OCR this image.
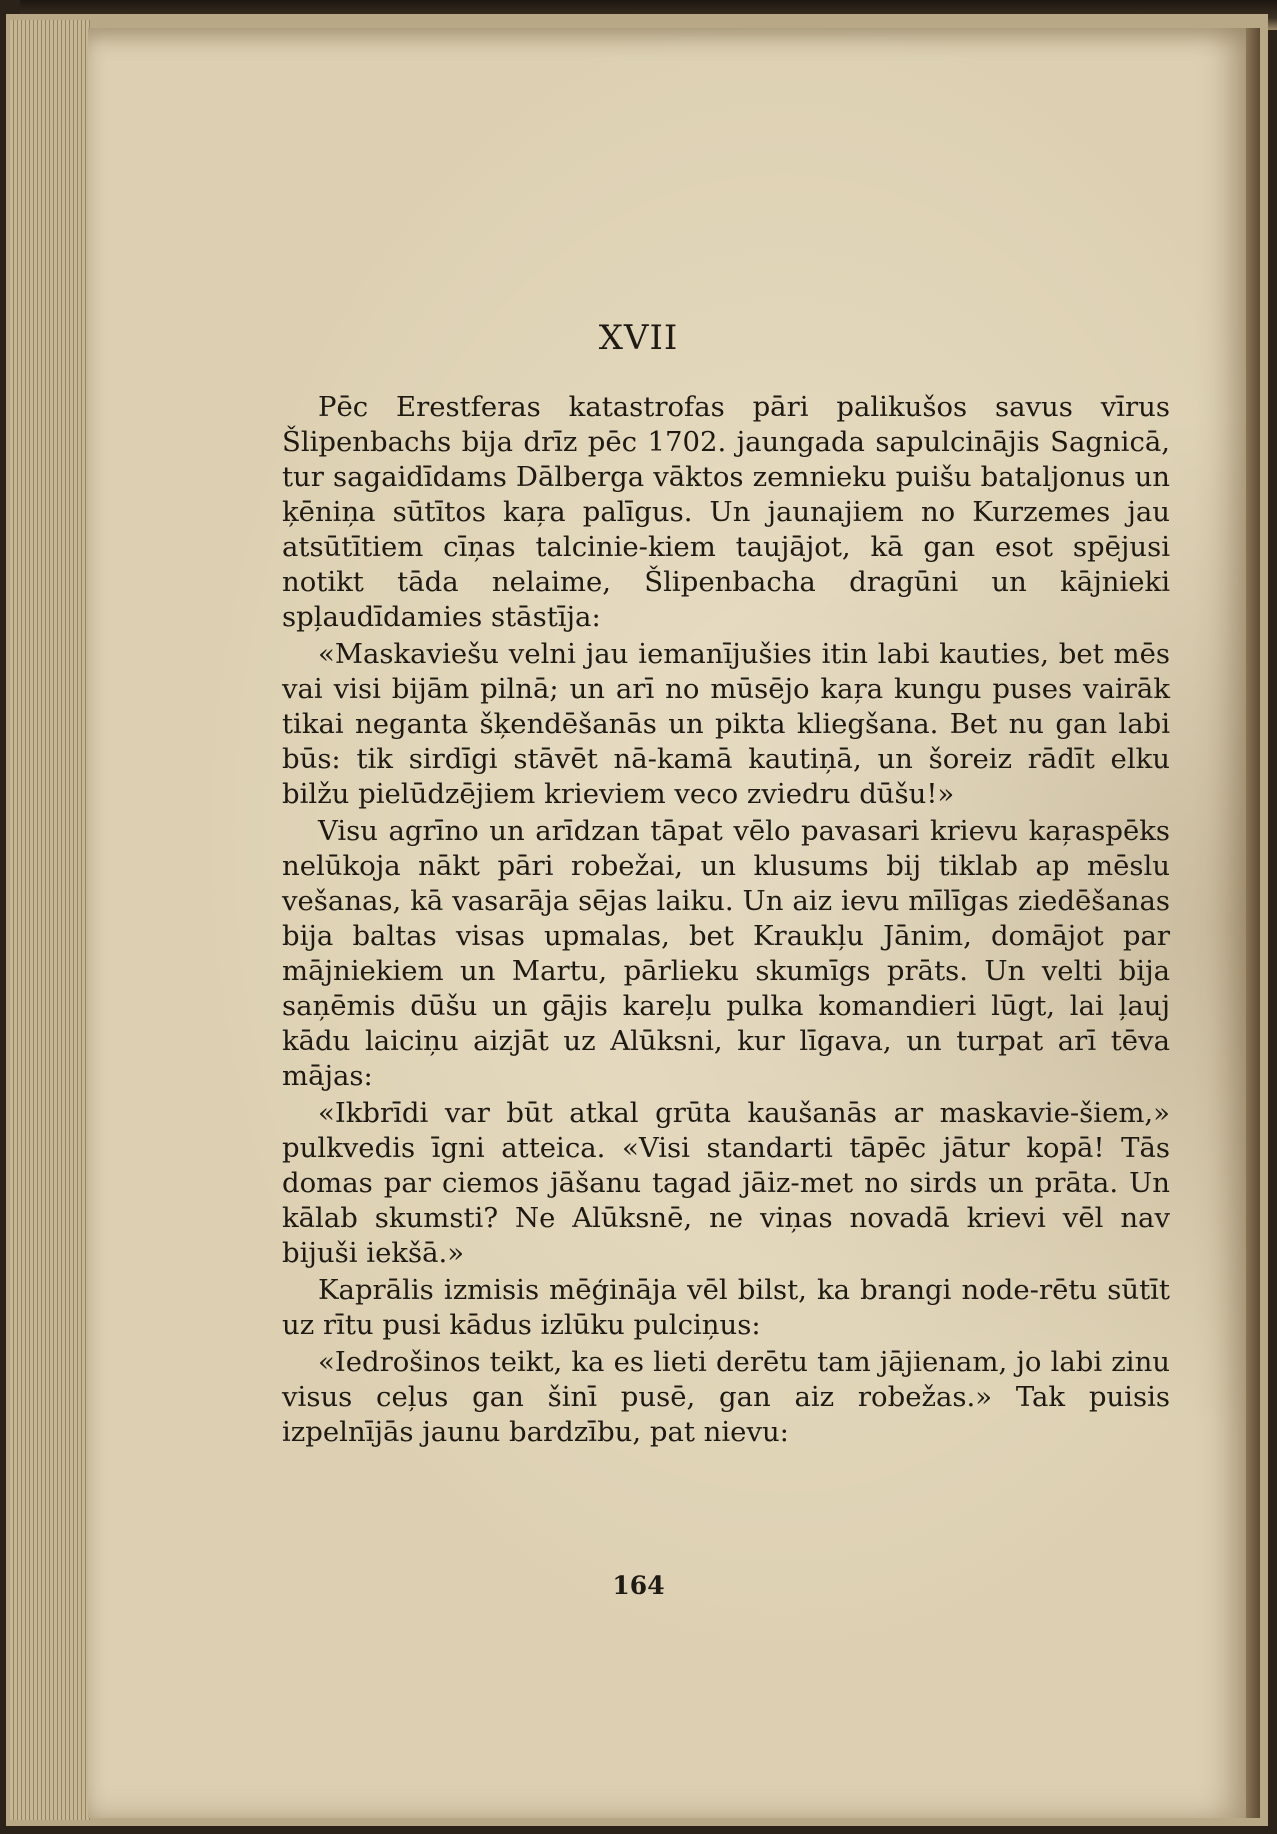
XVII

Pēc Erestferas katastrofas pāri palikušos savus vīrus Šlipenbachs bija drīz pēc 1702. jaungada sapulcinājis Sagnicā, tur sagaidīdams Dālberga vāktos zemnieku puišu bataljonus un ķēniņa sūtītos kaŗa palīgus. Un jaunajiem no Kurzemes jau atsūtītiem cīņas talcinie-kiem taujājot, kā gan esot spējusi notikt tāda nelaime, Šlipenbacha dragūni un kājnieki spļaudīdamies stāstīja:

«Maskaviešu velni jau iemanījušies itin labi kauties, bet mēs vai visi bijām pilnā; un arī no mūsējo kaŗa kungu puses vairāk tikai neganta šķendēšanās un pikta kliegšana. Bet nu gan labi būs: tik sirdīgi stāvēt nā-kamā kautiņā, un šoreiz rādīt elku bilžu pielūdzējiem krieviem veco zviedru dūšu!»

Visu agrīno un arīdzan tāpat vēlo pavasari krievu kaŗaspēks nelūkoja nākt pāri robežai, un klusums bij tiklab ap mēslu vešanas, kā vasarāja sējas laiku. Un aiz ievu mīlīgas ziedēšanas bija baltas visas upmalas, bet Kraukļu Jānim, domājot par mājniekiem un Martu, pārlieku skumīgs prāts. Un velti bija saņēmis dūšu un gājis kareļu pulka komandieri lūgt, lai ļauj kādu laiciņu aizjāt uz Alūksni, kur līgava, un turpat arī tēva mājas:

«Ikbrīdi var būt atkal grūta kaušanās ar maskavie-šiem,» pulkvedis īgni atteica. «Visi standarti tāpēc jātur kopā! Tās domas par ciemos jāšanu tagad jāiz-met no sirds un prāta. Un kālab skumsti? Ne Alūksnē, ne viņas novadā krievi vēl nav bijuši iekšā.»

Kaprālis izmisis mēģināja vēl bilst, ka brangi node-rētu sūtīt uz rītu pusi kādus izlūku pulciņus:

«Iedrošinos teikt, ka es lieti derētu tam jājienam, jo labi zinu visus ceļus gan šinī pusē, gan aiz robežas.» Tak puisis izpelnījās jaunu bardzību, pat nievu:

164
